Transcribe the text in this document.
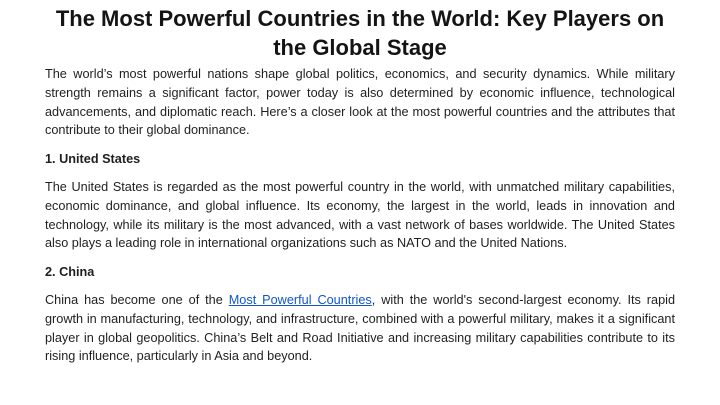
The Most Powerful Countries in the World: Key Players on the Global Stage

The world’s most powerful nations shape global politics, economics, and security dynamics. While military strength remains a significant factor, power today is also determined by economic influence, technological advancements, and diplomatic reach. Here’s a closer look at the most powerful countries and the attributes that contribute to their global dominance.

1. United States

The United States is regarded as the most powerful country in the world, with unmatched military capabilities, economic dominance, and global influence. Its economy, the largest in the world, leads in innovation and technology, while its military is the most advanced, with a vast network of bases worldwide. The United States also plays a leading role in international organizations such as NATO and the United Nations.

2. China

China has become one of the Most Powerful Countries, with the world's second-largest economy. Its rapid growth in manufacturing, technology, and infrastructure, combined with a powerful military, makes it a significant player in global geopolitics. China’s Belt and Road Initiative and increasing military capabilities contribute to its rising influence, particularly in Asia and beyond.
